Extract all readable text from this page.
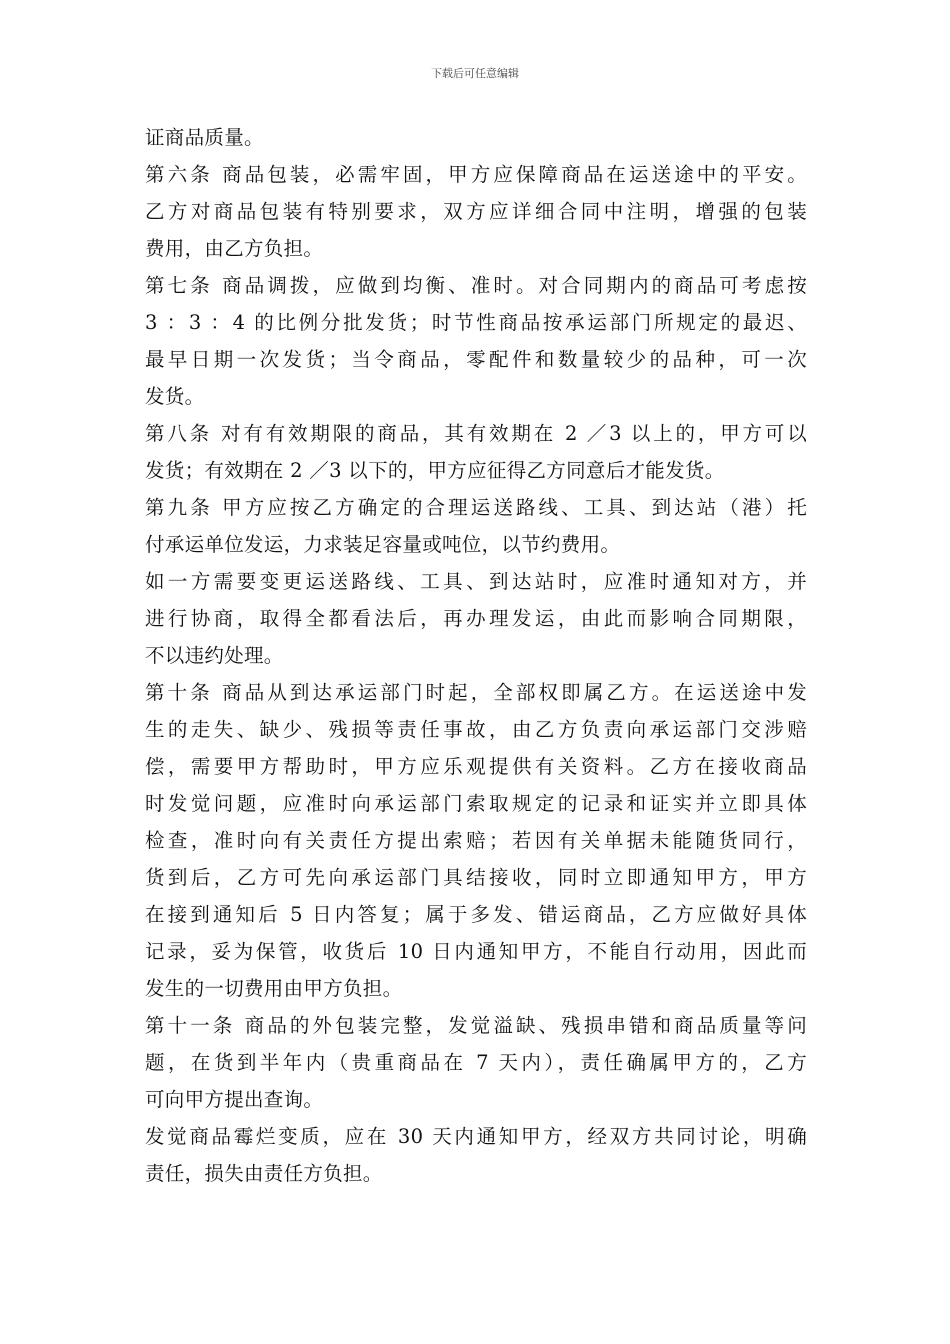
下载后可任意编辑
证商品质量。
第六条 商品包装，必需牢固，甲方应保障商品在运送途中的平安。
乙方对商品包装有特别要求，双方应详细合同中注明，增强的包装
费用，由乙方负担。
第七条 商品调拨，应做到均衡、准时。对合同期内的商品可考虑按
3 ：3 ：4 的比例分批发货；时节性商品按承运部门所规定的最迟、
最早日期一次发货；当令商品，零配件和数量较少的品种，可一次
发货。
第八条 对有有效期限的商品，其有效期在 2 ／3 以上的，甲方可以
发货；有效期在 2 ／3 以下的，甲方应征得乙方同意后才能发货。
第九条 甲方应按乙方确定的合理运送路线、工具、到达站（港）托
付承运单位发运，力求装足容量或吨位，以节约费用。
如一方需要变更运送路线、工具、到达站时，应准时通知对方，并
进行协商，取得全都看法后，再办理发运，由此而影响合同期限，
不以违约处理。
第十条 商品从到达承运部门时起，全部权即属乙方。在运送途中发
生的走失、缺少、残损等责任事故，由乙方负责向承运部门交涉赔
偿，需要甲方帮助时，甲方应乐观提供有关资料。乙方在接收商品
时发觉问题，应准时向承运部门索取规定的记录和证实并立即具体
检查，准时向有关责任方提出索赔；若因有关单据未能随货同行，
货到后，乙方可先向承运部门具结接收，同时立即通知甲方，甲方
在接到通知后 5 日内答复；属于多发、错运商品，乙方应做好具体
记录，妥为保管，收货后 10 日内通知甲方，不能自行动用，因此而
发生的一切费用由甲方负担。
第十一条 商品的外包装完整，发觉溢缺、残损串错和商品质量等问
题，在货到半年内（贵重商品在 7 天内），责任确属甲方的，乙方
可向甲方提出查询。
发觉商品霉烂变质，应在 30 天内通知甲方，经双方共同讨论，明确
责任，损失由责任方负担。
